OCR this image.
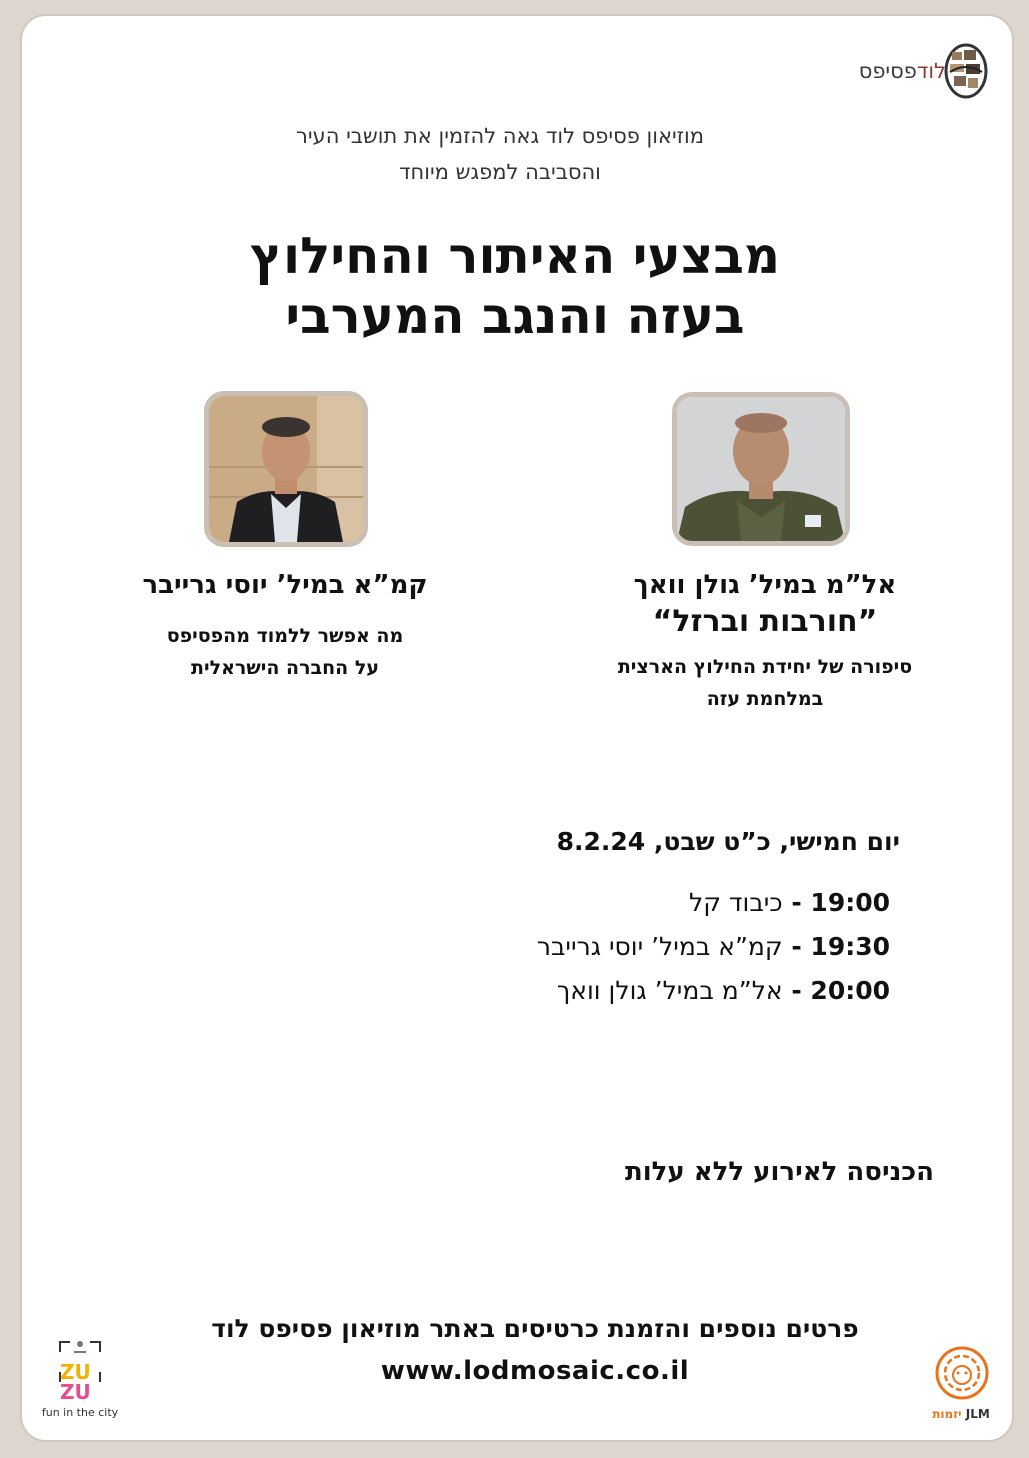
לודפסיפס
מוזיאון פסיפס לוד גאה להזמין את תושבי העיר
והסביבה למפגש מיוחד
מבצעי האיתור והחילוץ
בעזה והנגב המערבי
אל”מ במיל’ גולן וואך
”חורבות וברזל“
סיפורה של יחידת החילוץ הארצית
במלחמת עזה
קמ”א במיל’ יוסי גרייבר
מה אפשר ללמוד מהפסיפס
על החברה הישראלית
יום חמישי, כ”ט שבט, 8.2.24
19:00 - כיבוד קל
19:30 - קמ”א במיל’ יוסי גרייבר
20:00 - אל”מ במיל’ גולן וואך
הכניסה לאירוע ללא עלות
פרטים נוספים והזמנת כרטיסים באתר מוזיאון פסיפס לוד
www.lodmosaic.co.il
ZU
ZU
fun in the city	יזמות JLM
